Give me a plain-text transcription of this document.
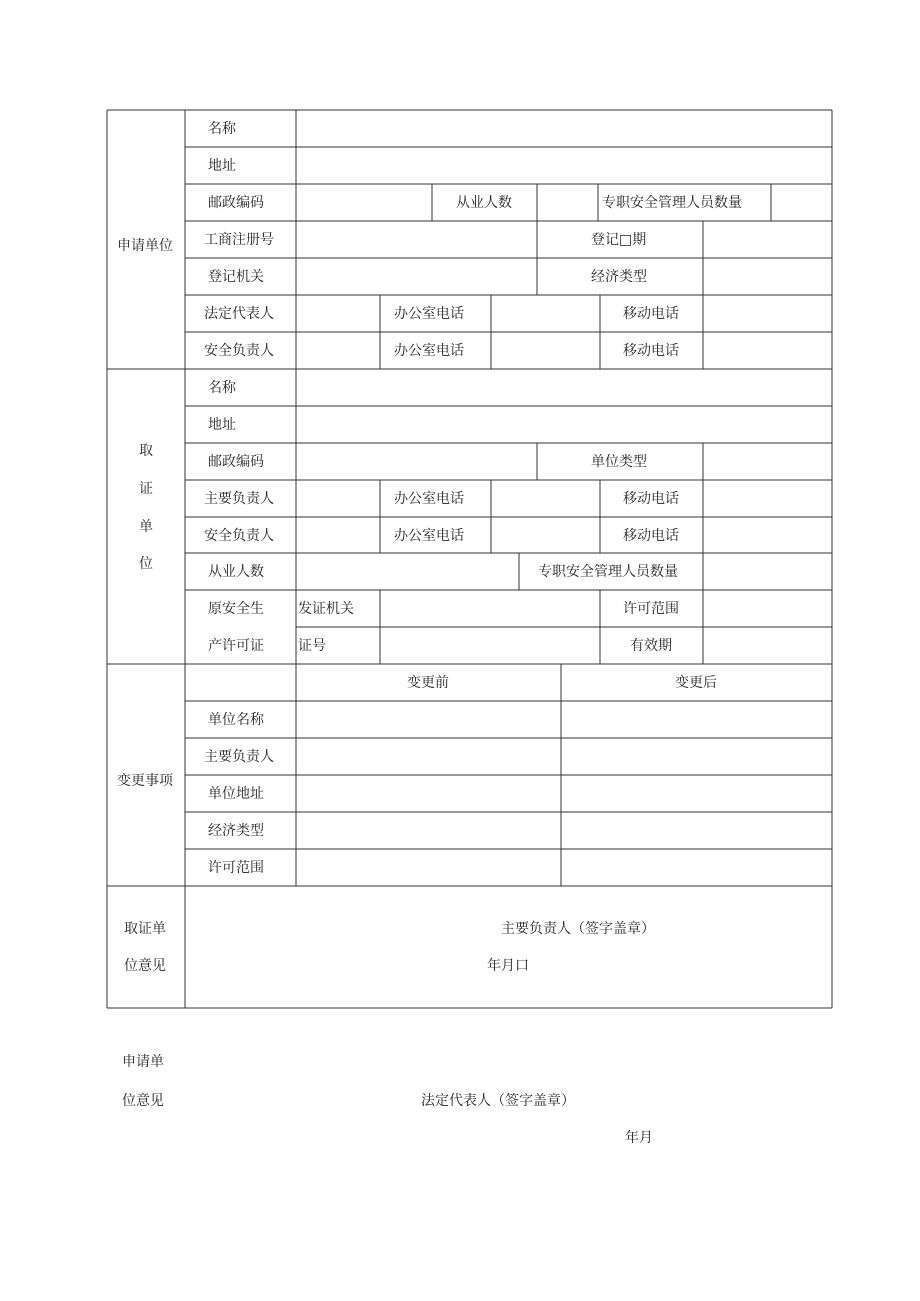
申请单位
名称
地址
邮政编码	从业人数	专职安全管理人员数量
工商注册号	登记□期
登记机关	经济类型
法定代表人	办公室电话	移动电话
安全负责人	办公室电话	移动电话
取
证
单
位
名称
地址
邮政编码	单位类型
主要负责人	办公室电话	移动电话
安全负责人	办公室电话	移动电话
从业人数	专职安全管理人员数量
原安全生
产许可证
发证机关	许可范围
证号	有效期
变更事项
变更前	变更后
单位名称
主要负责人
单位地址
经济类型
许可范围
取证单
位意见
主要负责人（签字盖章）
年月口
申请单
位意见	法定代表人（签字盖章）
年月
